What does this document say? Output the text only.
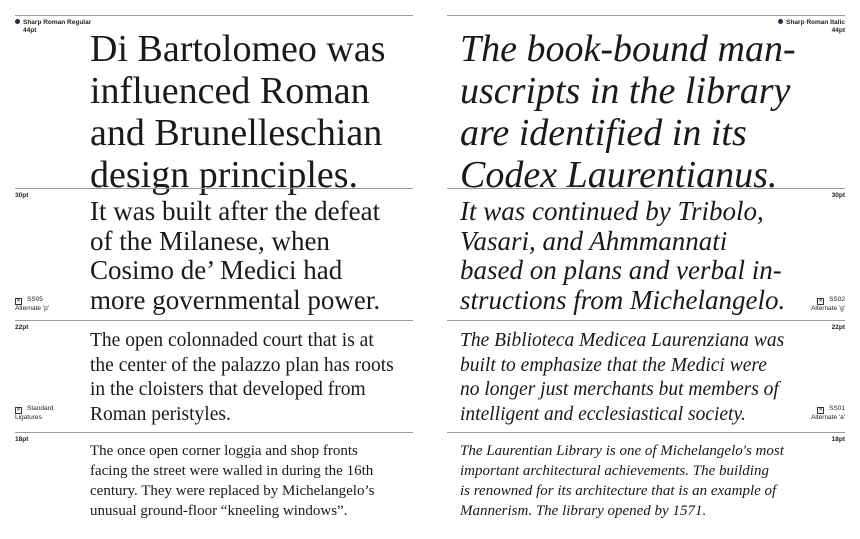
Sharp Roman Regular
44pt	Di Bartolomeo was
influenced Roman
and Brunelleschian
design principles.
30pt
✕ SS05
Alternate 'p'
It was built after the defeat
of the Milanese, when
Cosimo de’ Medici had
more governmental power.
22pt
✕ Standard
Ligatures
The open colonnaded court that is at
the center of the palazzo plan has roots
in the cloisters that developed from
Roman peristyles.
18pt
The once open corner loggia and shop fronts
facing the street were walled in during the 16th
century. They were replaced by Michelangelo’s
unusual ground-floor “kneeling windows”.
Sharp Roman Italic
44pt
The book-bound man-
uscripts in the library
are identified in its
Codex Laurentianus.	30pt
✕ SS02
Alternate 'g'
It was continued by Tribolo,
Vasari, and Ahmmannati
based on plans and verbal in-
structions from Michelangelo.
22pt
✕ SS01
Alternate 'a'
The Biblioteca Medicea Laurenziana was
built to emphasize that the Medici were
no longer just merchants but members of
intelligent and ecclesiastical society.
18pt
The Laurentian Library is one of Michelangelo's most
important architectural achievements. The building
is renowned for its architecture that is an example of
Mannerism. The library opened by 1571.
